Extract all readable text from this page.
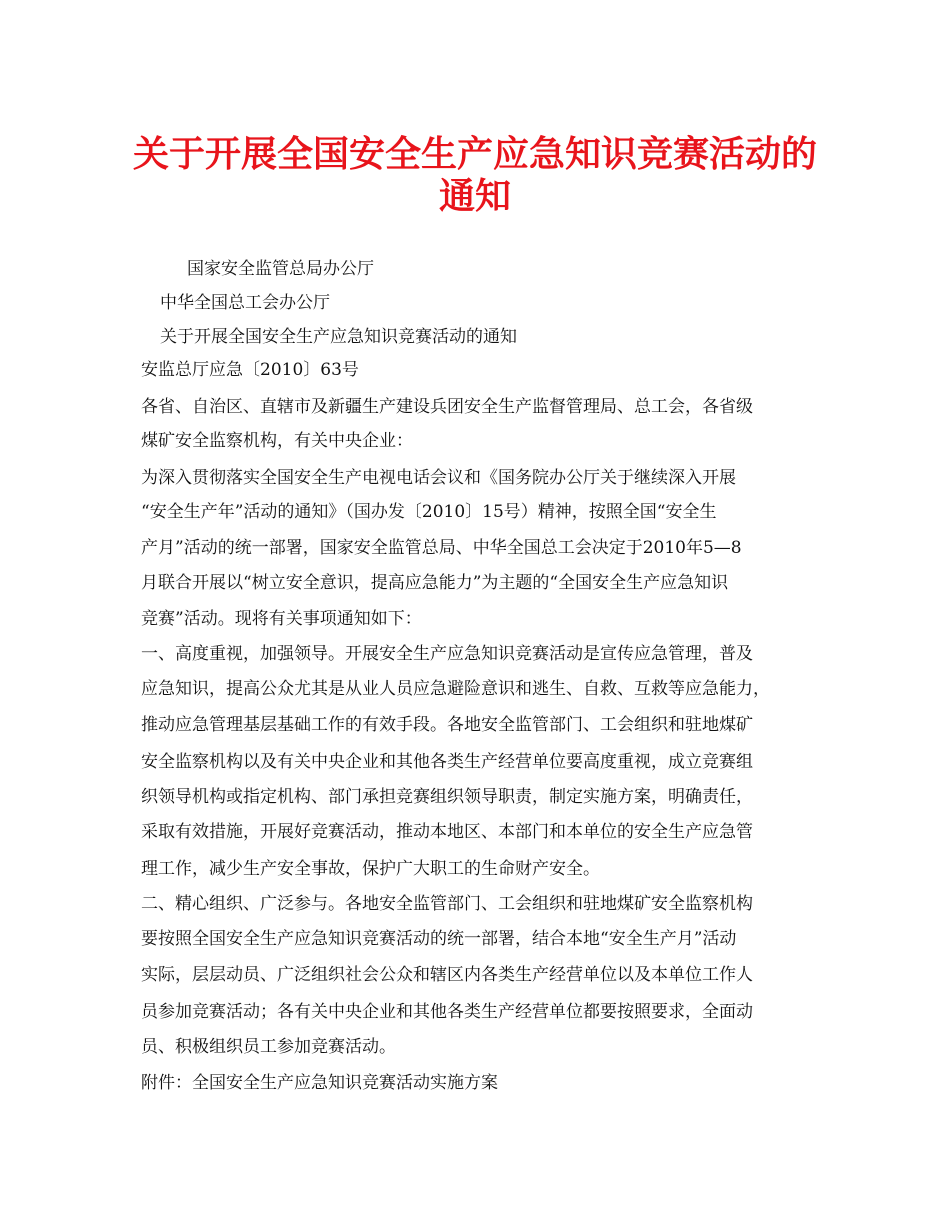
关于开展全国安全生产应急知识竞赛活动的
通知

国家安全监管总局办公厅

中华全国总工会办公厅

关于开展全国安全生产应急知识竞赛活动的通知

安监总厅应急〔2010〕63号

各省、自治区、直辖市及新疆生产建设兵团安全生产监督管理局、总工会，各省级

煤矿安全监察机构，有关中央企业：

为深入贯彻落实全国安全生产电视电话会议和《国务院办公厅关于继续深入开展

“安全生产年”活动的通知》（国办发〔2010〕15号）精神，按照全国“安全生

产月”活动的统一部署，国家安全监管总局、中华全国总工会决定于2010年5—8

月联合开展以“树立安全意识，提高应急能力”为主题的“全国安全生产应急知识

竞赛”活动。现将有关事项通知如下：

一、高度重视，加强领导。开展安全生产应急知识竞赛活动是宣传应急管理，普及

应急知识，提高公众尤其是从业人员应急避险意识和逃生、自救、互救等应急能力，

推动应急管理基层基础工作的有效手段。各地安全监管部门、工会组织和驻地煤矿

安全监察机构以及有关中央企业和其他各类生产经营单位要高度重视，成立竞赛组

织领导机构或指定机构、部门承担竞赛组织领导职责，制定实施方案，明确责任，

采取有效措施，开展好竞赛活动，推动本地区、本部门和本单位的安全生产应急管

理工作，减少生产安全事故，保护广大职工的生命财产安全。

二、精心组织、广泛参与。各地安全监管部门、工会组织和驻地煤矿安全监察机构

要按照全国安全生产应急知识竞赛活动的统一部署，结合本地“安全生产月”活动

实际，层层动员、广泛组织社会公众和辖区内各类生产经营单位以及本单位工作人

员参加竞赛活动；各有关中央企业和其他各类生产经营单位都要按照要求，全面动

员、积极组织员工参加竞赛活动。

附件：全国安全生产应急知识竞赛活动实施方案
